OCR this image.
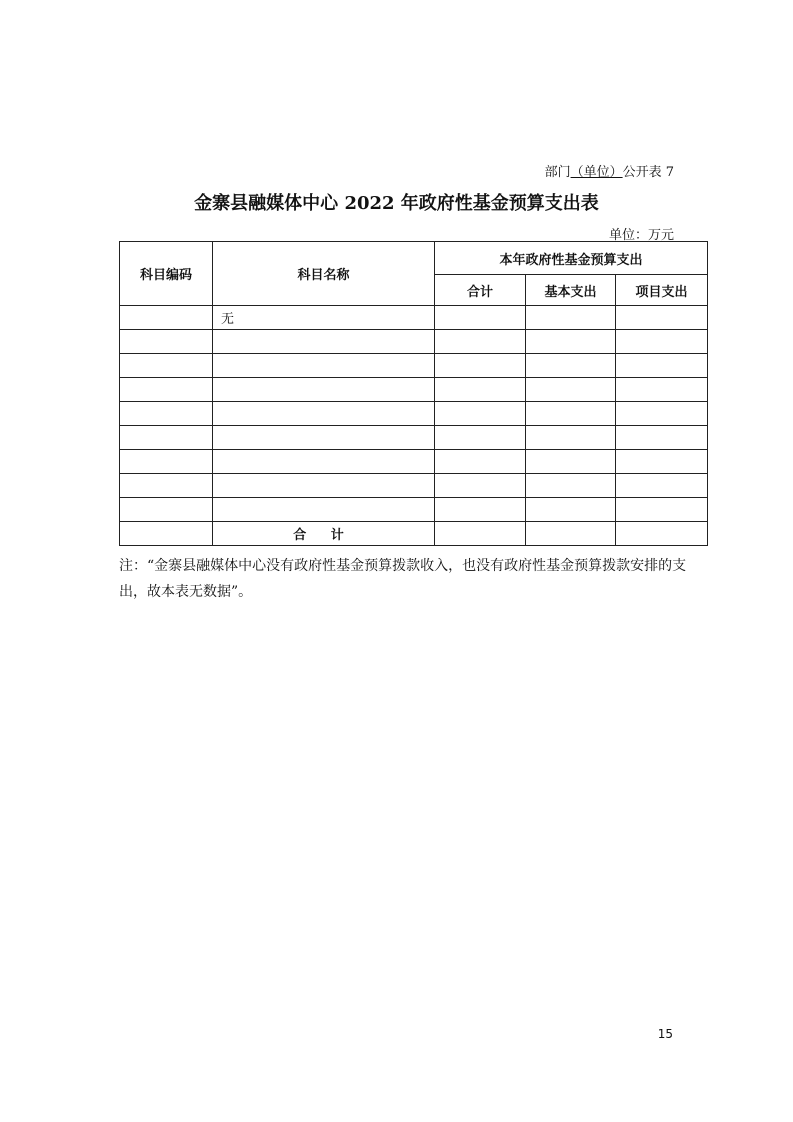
部门（单位）公开表 7
金寨县融媒体中心 2022 年政府性基金预算支出表
单位：万元
科目编码	科目名称	本年政府性基金预算支出		
		合计	基本支出	项目支出
	无			

	合 计			
注：“金寨县融媒体中心没有政府性基金预算拨款收入，也没有政府性基金预算拨款安排的支出，故本表无数据”。
15
